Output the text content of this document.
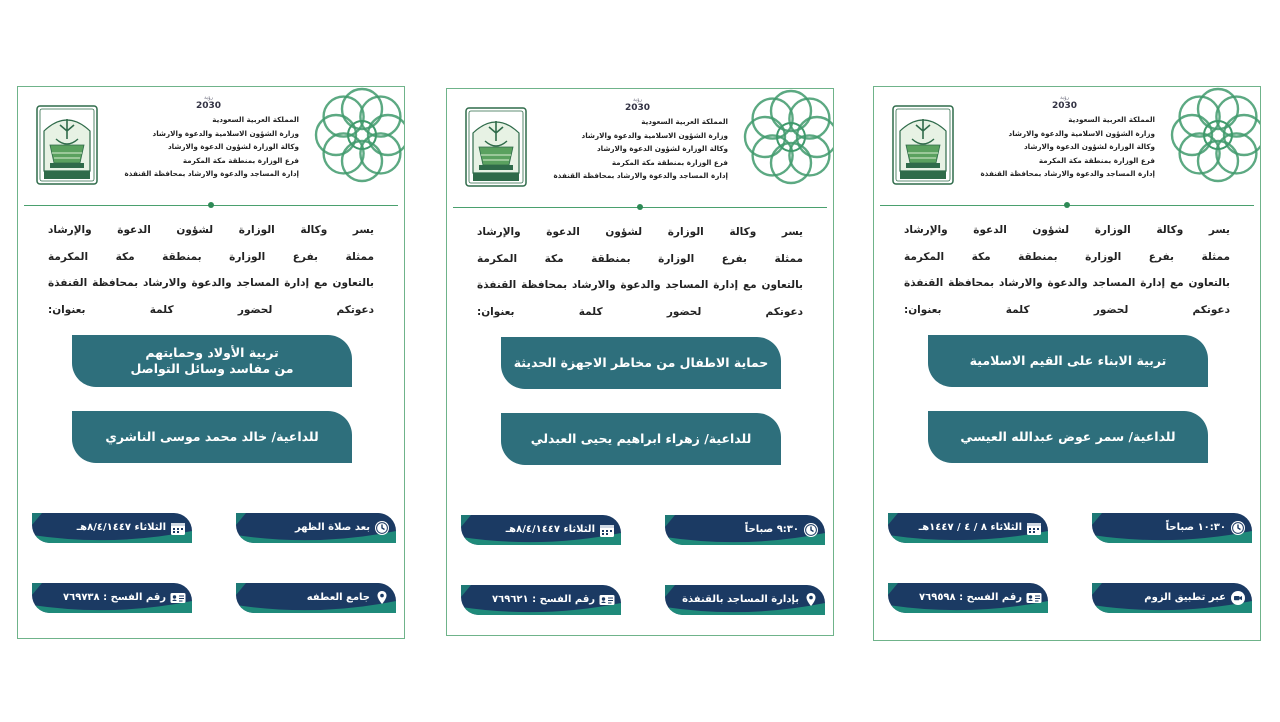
رؤية
2030
المملكة العربية السعودية
وزارة الشؤون الاسلامية والدعوة والارشاد
وكالة الوزارة لشؤون الدعوة والارشاد
فرع الوزارة بمنطقة مكة المكرمة
إدارة المساجد والدعوة والارشاد بمحافظة القنفذة
يسر وكالة الوزارة لشؤون الدعوة والإرشاد
ممثلة بفرع الوزارة بمنطقة مكة المكرمة
بالتعاون مع إدارة المساجد والدعوة والارشاد بمحافظة القنفذة
دعوتكم لحضور كلمة بعنوان:
تربية الأولاد وحمايتهم
من مفاسد وسائل التواصل
للداعية/ خالد محمد موسى الناشري
الثلاثاء ٨/٤/١٤٤٧هـ	بعد صلاة الظهر
رقم الفسح : ٧٦٩٧٣٨	جامع العطفه
رؤية
2030
المملكة العربية السعودية
وزارة الشؤون الاسلامية والدعوة والارشاد
وكالة الوزارة لشؤون الدعوة والارشاد
فرع الوزارة بمنطقة مكة المكرمة
إدارة المساجد والدعوة والارشاد بمحافظة القنفذة
يسر وكالة الوزارة لشؤون الدعوة والإرشاد
ممثلة بفرع الوزارة بمنطقة مكة المكرمة
بالتعاون مع إدارة المساجد والدعوة والارشاد بمحافظة القنفذة
دعوتكم لحضور كلمة بعنوان:
حماية الاطفال من مخاطر الاجهزة الحديثة
للداعية/ زهراء ابراهيم يحيى العبدلي
الثلاثاء ٨/٤/١٤٤٧هـ	٩:٣٠ صباحاً
رقم الفسح : ٧٦٩٦٢١	بإدارة المساجد بالقنفذة
رؤية
2030
المملكة العربية السعودية
وزارة الشؤون الاسلامية والدعوة والارشاد
وكالة الوزارة لشؤون الدعوة والارشاد
فرع الوزارة بمنطقة مكة المكرمة
إدارة المساجد والدعوة والارشاد بمحافظة القنفذة
يسر وكالة الوزارة لشؤون الدعوة والإرشاد
ممثلة بفرع الوزارة بمنطقة مكة المكرمة
بالتعاون مع إدارة المساجد والدعوة والارشاد بمحافظة القنفذة
دعوتكم لحضور كلمة بعنوان:
تربية الابناء على القيم الاسلامية
للداعية/ سمر عوض عبدالله العيسي
الثلاثاء ٨ / ٤ / ١٤٤٧هـ	١٠:٣٠ صباحاً
رقم الفسح : ٧٦٩٥٩٨	عبر تطبيق الزوم
